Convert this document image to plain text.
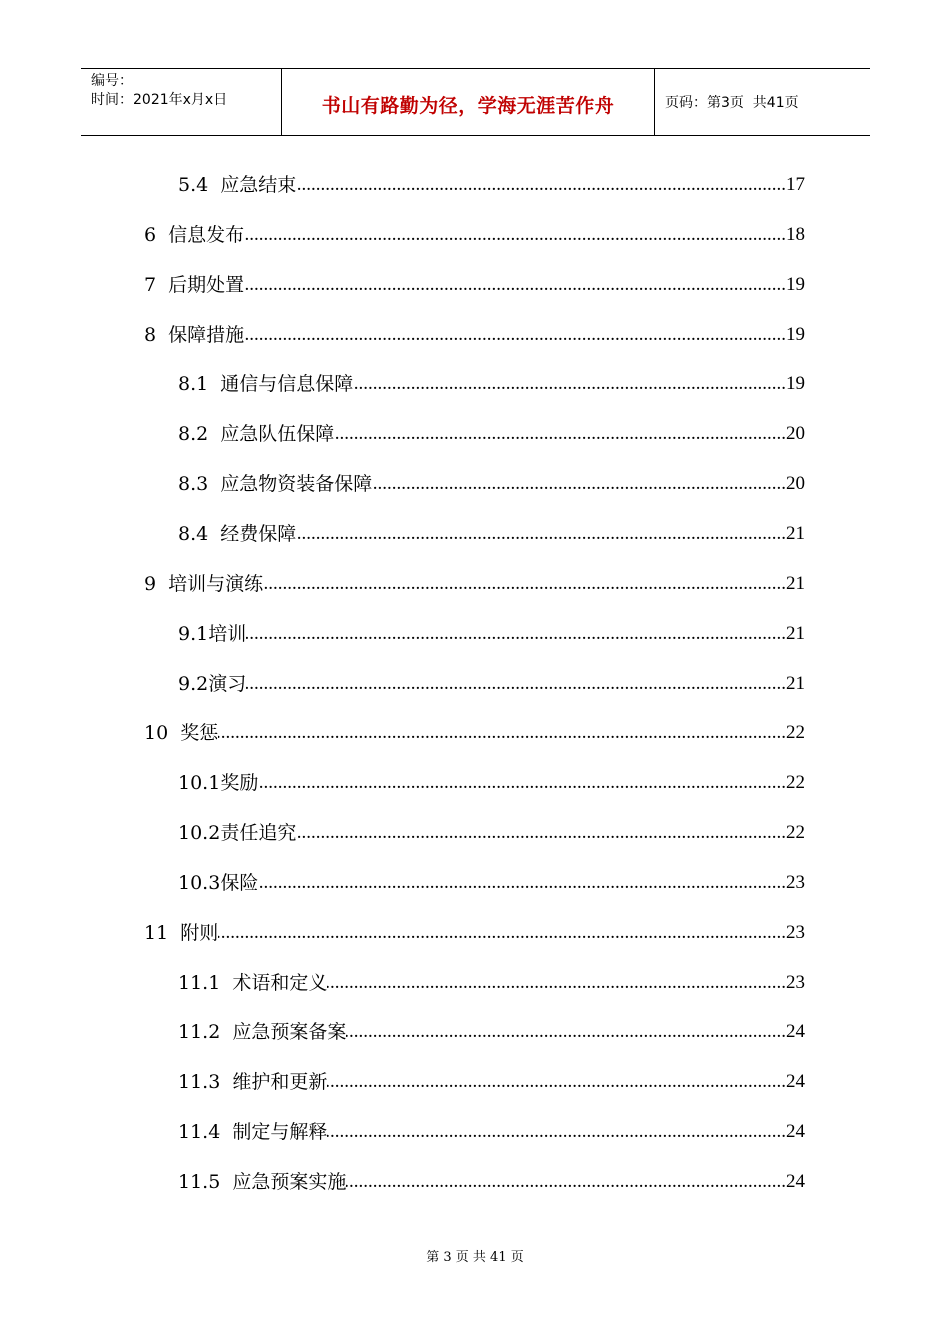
编号：
时间：2021年x月x日	书山有路勤为径，学海无涯苦作舟	页码：第3页  共41页
5.4 应急结束 .....	17
6 信息发布 .....	18
7 后期处置 .....	19
8 保障措施 .....	19
8.1 通信与信息保障 .....	19
8.2 应急队伍保障 .....	20
8.3 应急物资装备保障 .....	20
8.4 经费保障 .....	21
9 培训与演练 .....	21
9.1 培训 .....	21
9.2 演习 .....	21
10 奖惩 .....	22
10.1 奖励 .....	22
10.2 责任追究 .....	22
10.3 保险 .....	23
11 附则 .....	23
11.1 术语和定义 .....	23
11.2 应急预案备案 .....	24
11.3 维护和更新 .....	24
11.4 制定与解释 .....	24
11.5 应急预案实施 .....	24
第 3 页 共 41 页
